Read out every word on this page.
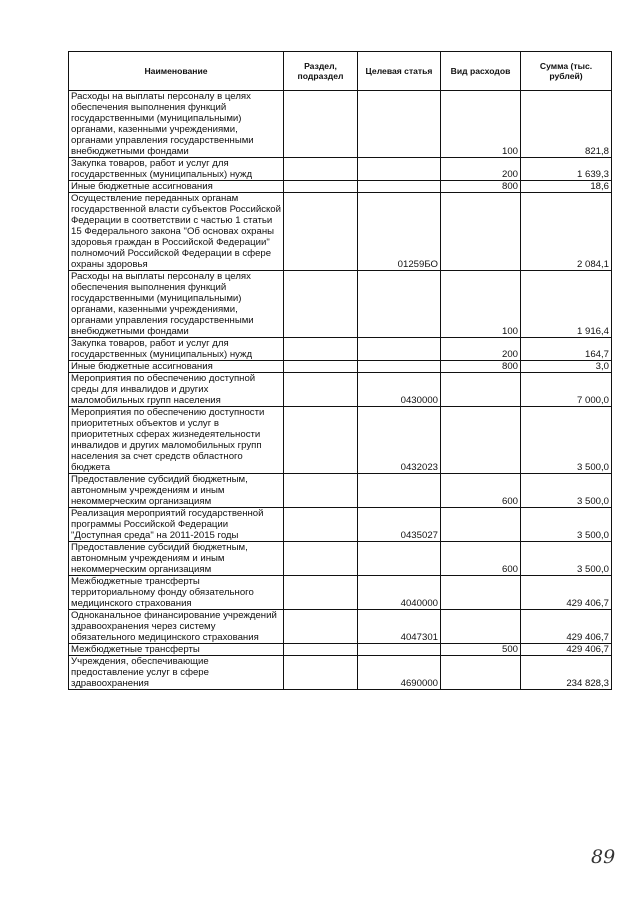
Наименование	Раздел, подраздел	Целевая статья	Вид расходов	Сумма (тыс. рублей)
Расходы на выплаты персоналу в целях обеспечения выполнения функций государственными (муниципальными) органами, казенными учреждениями, органами управления государственными внебюджетными фондами			100	821,8
Закупка товаров, работ и услуг для государственных (муниципальных) нужд			200	1 639,3
Иные бюджетные ассигнования			800	18,6
Осуществление переданных органам государственной власти субъектов Российской Федерации в соответствии с частью 1 статьи 15 Федерального закона "Об основах охраны здоровья граждан в Российской Федерации" полномочий Российской Федерации в сфере охраны здоровья		01259БО		2 084,1
Расходы на выплаты персоналу в целях обеспечения выполнения функций государственными (муниципальными) органами, казенными учреждениями, органами управления государственными внебюджетными фондами			100	1 916,4
Закупка товаров, работ и услуг для государственных (муниципальных) нужд			200	164,7
Иные бюджетные ассигнования			800	3,0
Мероприятия по обеспечению доступной среды для инвалидов и других маломобильных групп населения		0430000		7 000,0
Мероприятия по обеспечению доступности приоритетных объектов и услуг в приоритетных сферах жизнедеятельности инвалидов и других маломобильных групп населения за счет средств областного бюджета		0432023		3 500,0
Предоставление субсидий бюджетным, автономным учреждениям и иным некоммерческим организациям			600	3 500,0
Реализация мероприятий государственной программы Российской Федерации "Доступная среда" на 2011-2015 годы		0435027		3 500,0
Предоставление субсидий бюджетным, автономным учреждениям и иным некоммерческим организациям			600	3 500,0
Межбюджетные трансферты территориальному фонду обязательного медицинского страхования		4040000		429 406,7
Одноканальное финансирование учреждений здравоохранения через систему обязательного медицинского страхования		4047301		429 406,7
Межбюджетные трансферты			500	429 406,7
Учреждения, обеспечивающие предоставление услуг в сфере здравоохранения		4690000		234 828,3
89
